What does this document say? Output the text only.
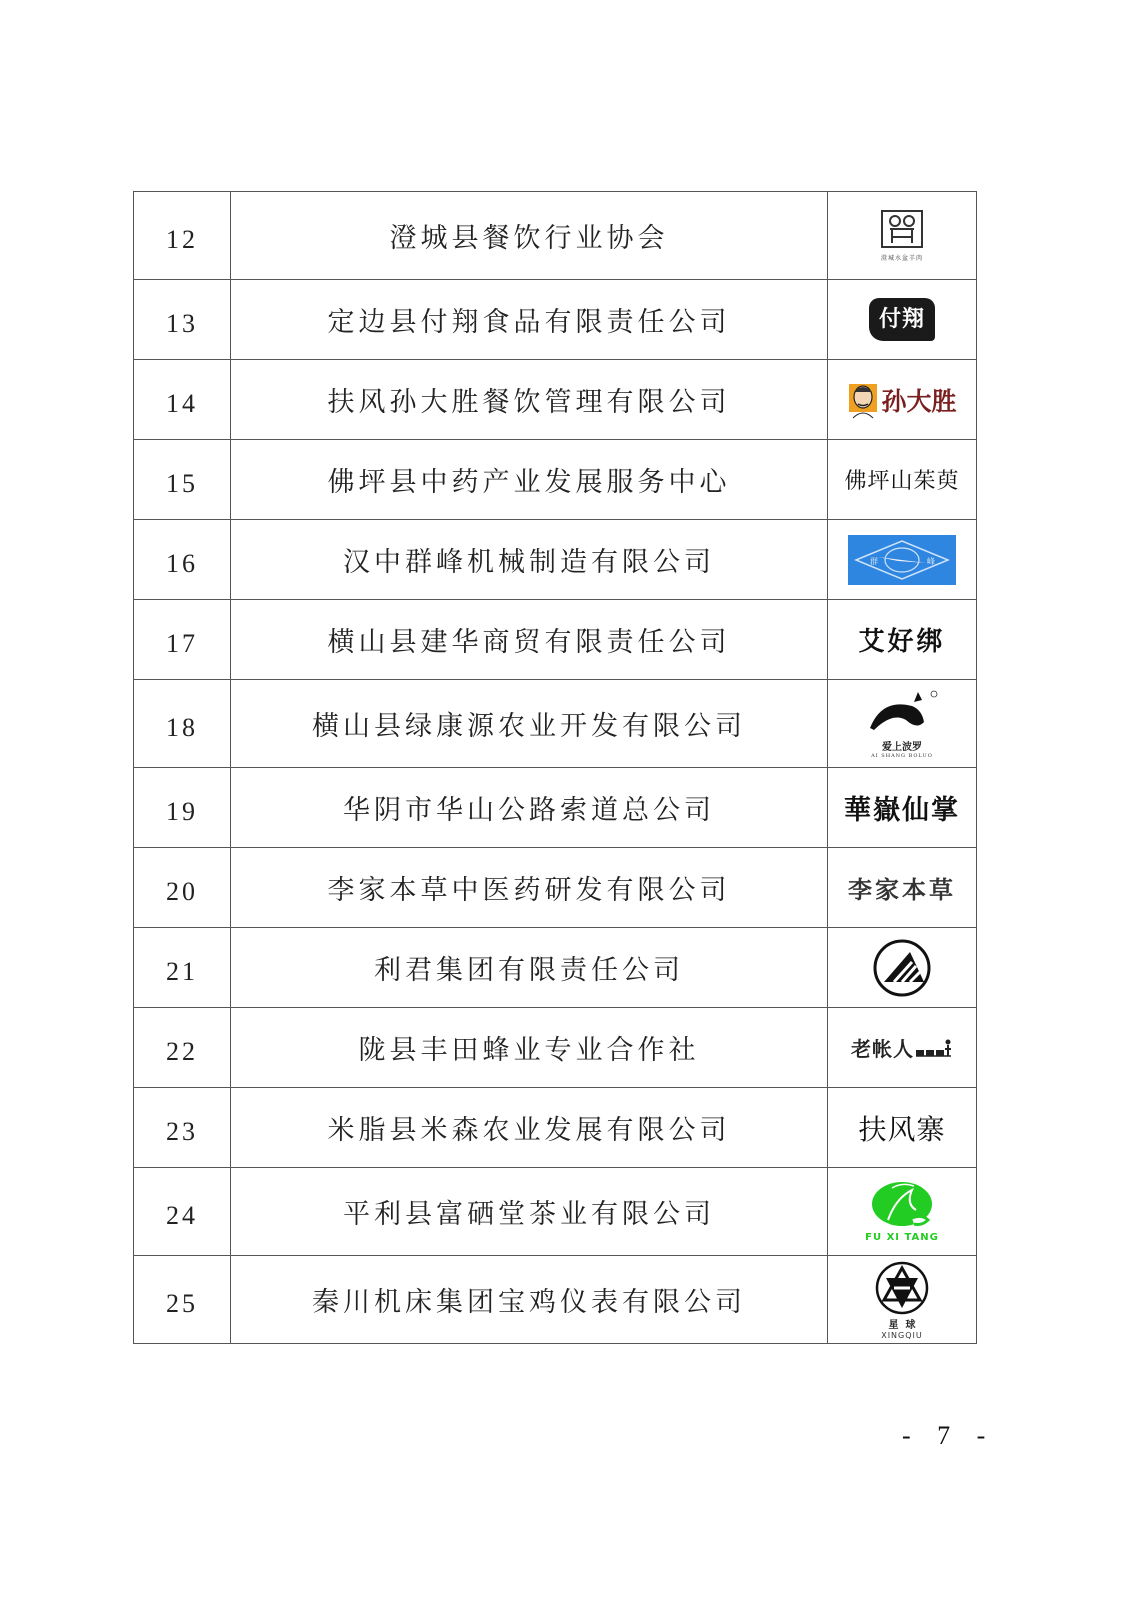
12	澄城县餐饮行业协会	澄城水盆羊肉

13	定边县付翔食品有限责任公司	付翔

14	扶风孙大胜餐饮管理有限公司	孙大胜

15	佛坪县中药产业发展服务中心	佛坪山茱萸

16	汉中群峰机械制造有限公司	群 峰

17	横山县建华商贸有限责任公司	艾好绑

18	横山县绿康源农业开发有限公司	爱上波罗
AI SHANG BOLUO

19	华阴市华山公路索道总公司	華嶽仙掌

20	李家本草中医药研发有限公司	李家本草

21	利君集团有限责任公司	

22	陇县丰田蜂业专业合作社	老帐人

23	米脂县米森农业发展有限公司	扶风寨

24	平利县富硒堂茶业有限公司	FU XI TANG

25	秦川机床集团宝鸡仪表有限公司	星  球
XINGQIU
- 7 -
